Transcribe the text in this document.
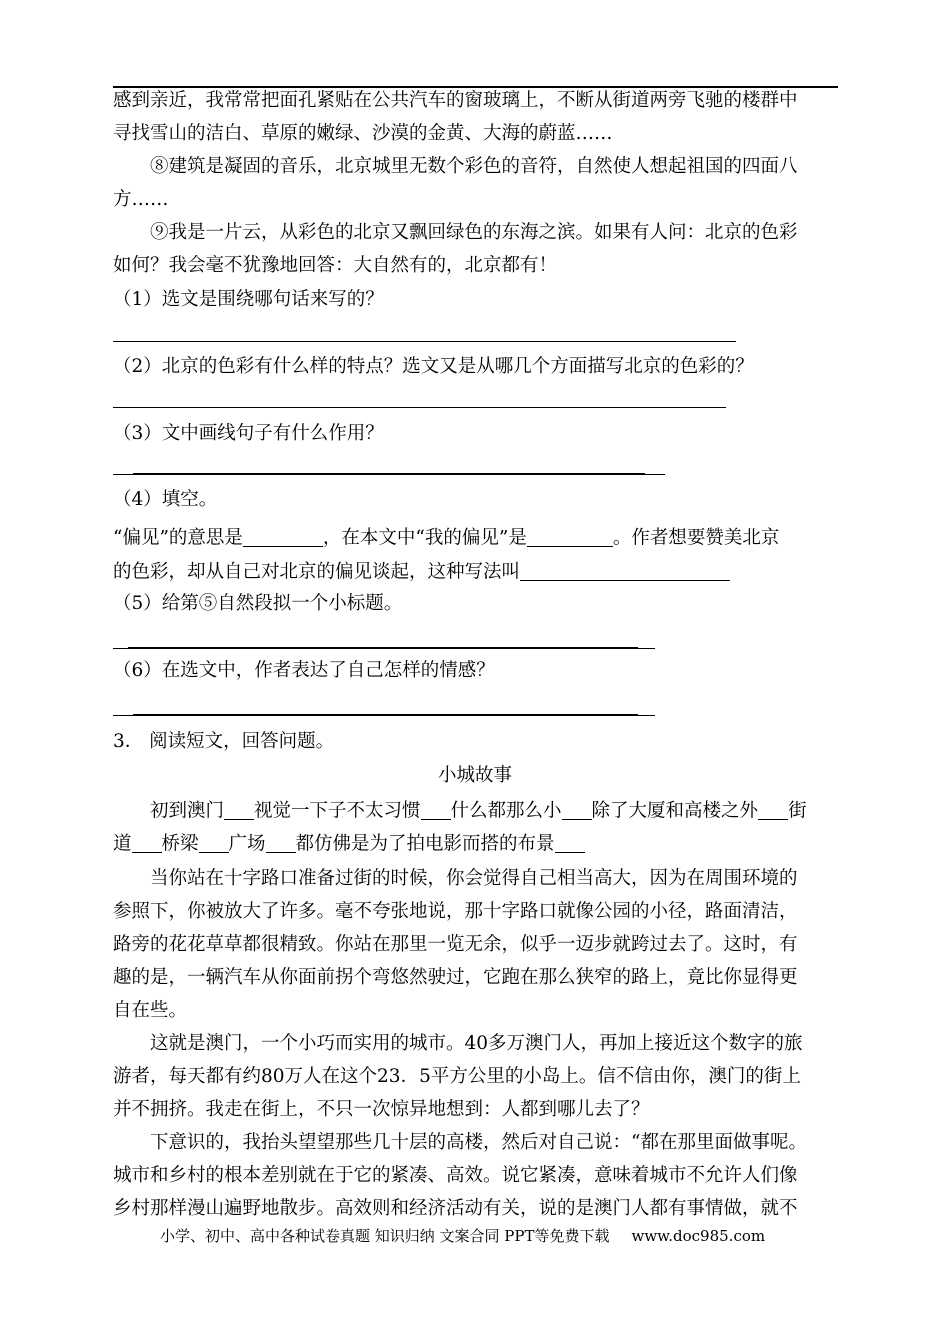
感到亲近，我常常把面孔紧贴在公共汽车的窗玻璃上，不断从街道两旁飞驰的楼群中
寻找雪山的洁白、草原的嫩绿、沙漠的金黄、大海的蔚蓝……
⑧建筑是凝固的音乐，北京城里无数个彩色的音符，自然使人想起祖国的四面八
方……
⑨我是一片云，从彩色的北京又飘回绿色的东海之滨。如果有人问：北京的色彩
如何？我会毫不犹豫地回答：大自然有的，北京都有！
（1）选文是围绕哪句话来写的？
（2）北京的色彩有什么样的特点？选文又是从哪几个方面描写北京的色彩的？
（3）文中画线句子有什么作用？
（4）填空。
“偏见”的意思是	，在本文中“我的偏见”是	。作者想要赞美北京
的色彩，却从自己对北京的偏见谈起，这种写法叫
（5）给第⑤自然段拟一个小标题。
（6）在选文中，作者表达了自己怎样的情感？
3． 阅读短文，回答问题。
小城故事
初到澳门 视觉一下子不太习惯 什么都那么小 除了大厦和高楼之外 街
道 桥梁 广场 都仿佛是为了拍电影而搭的布景
当你站在十字路口准备过街的时候，你会觉得自己相当高大，因为在周围环境的
参照下，你被放大了许多。毫不夸张地说，那十字路口就像公园的小径，路面清洁，
路旁的花花草草都很精致。你站在那里一览无余，似乎一迈步就跨过去了。这时，有
趣的是，一辆汽车从你面前拐个弯悠然驶过，它跑在那么狭窄的路上，竟比你显得更
自在些。
这就是澳门，一个小巧而实用的城市。40多万澳门人，再加上接近这个数字的旅
游者，每天都有约80万人在这个23．5平方公里的小岛上。信不信由你，澳门的街上
并不拥挤。我走在街上，不只一次惊异地想到：人都到哪儿去了？
下意识的，我抬头望望那些几十层的高楼，然后对自己说：“都在那里面做事呢。
城市和乡村的根本差别就在于它的紧凑、高效。说它紧凑，意味着城市不允许人们像
乡村那样漫山遍野地散步。高效则和经济活动有关，说的是澳门人都有事情做，就不
小学、初中、高中各种试卷真题 知识归纳 文案合同 PPT等免费下载 www.doc985.com
